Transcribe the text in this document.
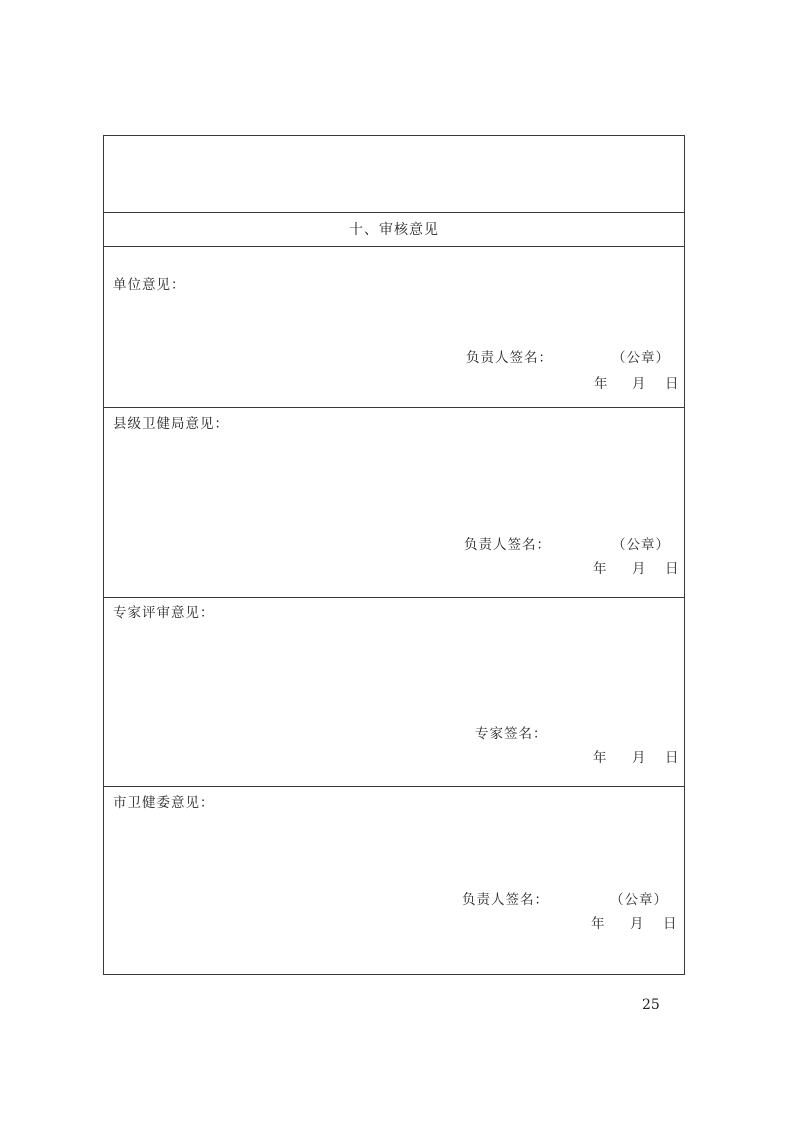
十、审核意见
单位意见：
负责人签名：	（公章）
年 月 日
县级卫健局意见：
负责人签名：	（公章）
年 月 日
专家评审意见：
专家签名：
年 月 日
市卫健委意见：
负责人签名：	（公章）
年 月 日
25
